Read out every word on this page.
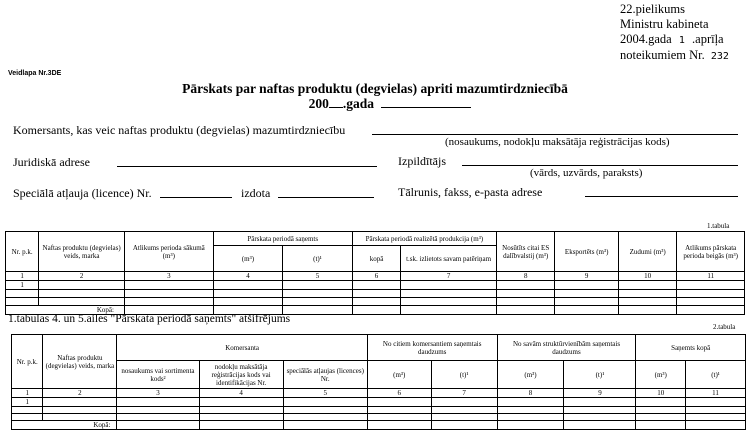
22.pielikums
Ministru kabineta
2004.gada 1 .aprīļa
noteikumiem Nr. 232
Veidlapa Nr.3DE
Pārskats par naftas produktu (degvielas) apriti mazumtirdzniecībā
200 .gada
Komersants, kas veic naftas produktu (degvielas) mazumtirdzniecību
(nosaukums, nodokļu maksātāja reģistrācijas kods)
Juridiskā adrese	Izpildītājs
(vārds, uzvārds, paraksts)
Speciālā atļauja (licence) Nr.	izdota	Tālrunis, fakss, e-pasta adrese
1.tabula
Nr. p.k.	Naftas produktu (degvielas) veids, marka	Atlikums perioda sākumā (m³)	Pārskata periodā saņemts		Pārskata periodā realizētā produkcija (m³)		Nosūtīts citai ES dalībvalstij (m³)	Eksportēts (m³)	Zudumi (m³)	Atlikums pārskata perioda beigās (m³)
			(m³)	(t)¹	kopā	t.sk. izlietots savam patēriņam				
1	2	3	4	5	6	7	8	9	10	11
1										

Kopā:										
1.tabulas 4. un 5.ailes "Pārskata periodā saņemts" atšifrējums
2.tabula
Nr. p.k.	Naftas produktu (degvielas) veids, marka	Komersanta			No citiem komersantiem saņemtais daudzums		No savām struktūrvienībām saņemtais daudzums		Saņemts kopā	
		nosaukums vai sortimenta kods²	nodokļu maksātāja reģistrācijas kods vai identifikācijas Nr.	speciālās atļaujas (licences) Nr.	(m³)	(t)¹	(m³)	(t)¹	(m³)	(t)¹
1	2	3	4	5	6	7	8	9	10	11
1										

Kopā:										
